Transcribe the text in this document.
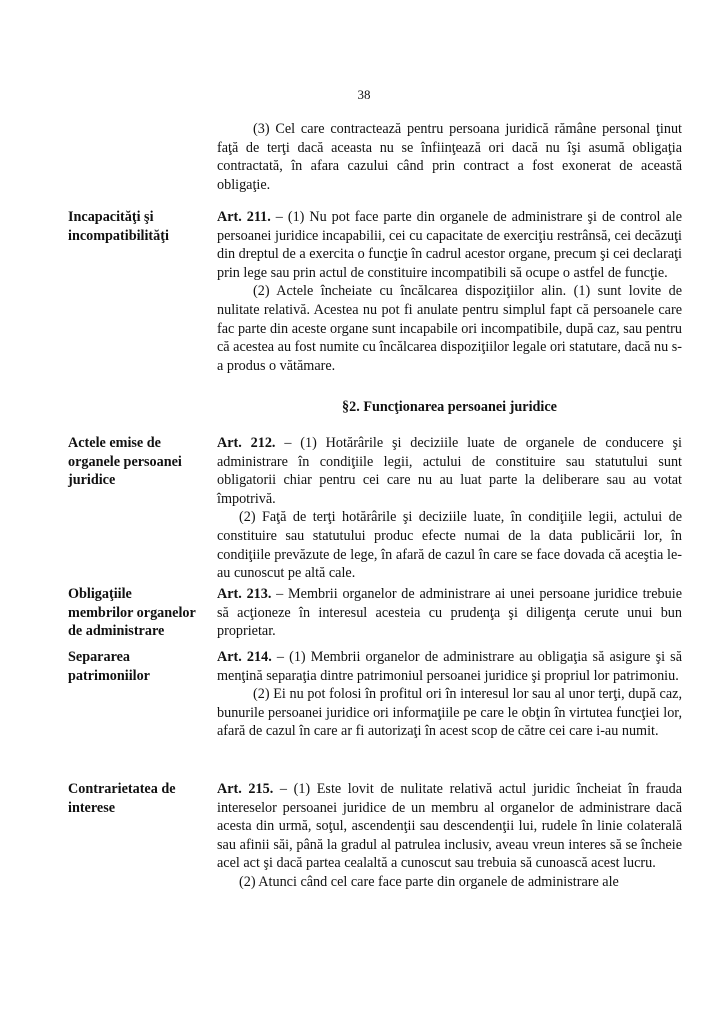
38

(3) Cel care contractează pentru persoana juridică rămâne personal ţinut faţă de terţi dacă aceasta nu se înfiinţează ori dacă nu îşi asumă obligaţia contractată, în afara cazului când prin contract a fost exonerat de această obligaţie.

Incapacităţi şi incompatibilităţi

Art. 211. – (1) Nu pot face parte din organele de administrare şi de control ale persoanei juridice incapabilii, cei cu capacitate de exerciţiu restrânsă, cei decăzuţi din dreptul de a exercita o funcţie în cadrul acestor organe, precum şi cei declaraţi prin lege sau prin actul de constituire incompatibili să ocupe o astfel de funcţie.

(2) Actele încheiate cu încălcarea dispoziţiilor alin. (1) sunt lovite de nulitate relativă. Acestea nu pot fi anulate pentru simplul fapt că persoanele care fac parte din aceste organe sunt incapabile ori incompatibile, după caz, sau pentru că acestea au fost numite cu încălcarea dispoziţiilor legale ori statutare, dacă nu s-a produs o vătămare.

§2. Funcţionarea persoanei juridice
Actele emise de organele persoanei juridice

Art. 212. – (1) Hotărârile şi deciziile luate de organele de conducere şi administrare în condiţiile legii, actului de constituire sau statutului sunt obligatorii chiar pentru cei care nu au luat parte la deliberare sau au votat împotrivă.

(2) Faţă de terţi hotărârile şi deciziile luate, în condiţiile legii, actului de constituire sau statutului produc efecte numai de la data publicării lor, în condiţiile prevăzute de lege, în afară de cazul în care se face dovada că aceştia le-au cunoscut pe altă cale.

Obligaţiile membrilor organelor de administrare

Art. 213. – Membrii organelor de administrare ai unei persoane juridice trebuie să acţioneze în interesul acesteia cu prudenţa şi diligenţa cerute unui bun proprietar.

Separarea patrimoniilor

Art. 214. – (1) Membrii organelor de administrare au obligaţia să asigure şi să menţină separaţia dintre patrimoniul persoanei juridice şi propriul lor patrimoniu.

(2) Ei nu pot folosi în profitul ori în interesul lor sau al unor terţi, după caz, bunurile persoanei juridice ori informaţiile pe care le obţin în virtutea funcţiei lor, afară de cazul în care ar fi autorizaţi în acest scop de către cei care i-au numit.

Contrarietatea de interese

Art. 215. – (1) Este lovit de nulitate relativă actul juridic încheiat în frauda intereselor persoanei juridice de un membru al organelor de administrare dacă acesta din urmă, soţul, ascendenţii sau descendenţii lui, rudele în linie colaterală sau afinii săi, până la gradul al patrulea inclusiv, aveau vreun interes să se încheie acel act şi dacă partea cealaltă a cunoscut sau trebuia să cunoască acest lucru.

(2) Atunci când cel care face parte din organele de administrare ale
